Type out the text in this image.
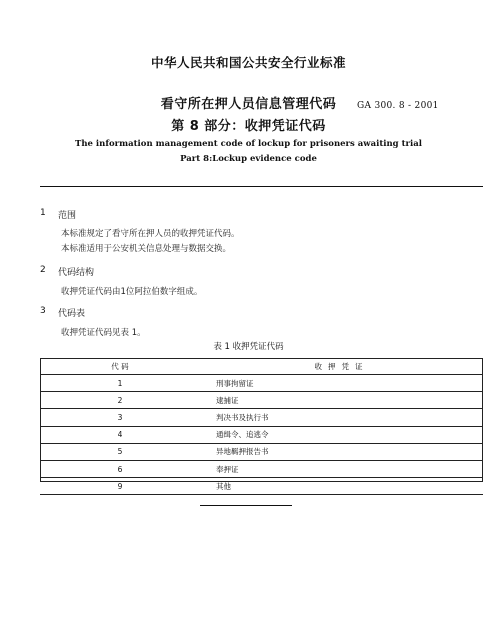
中华人民共和国公共安全行业标准
看守所在押人员信息管理代码
第 8 部分：收押凭证代码
GA 300. 8 - 2001
The information management code of lockup for prisoners awaiting trial
Part 8:Lockup evidence code
1 范围
本标准规定了看守所在押人员的收押凭证代码。
本标准适用于公安机关信息处理与数据交换。
2 代码结构
收押凭证代码由1位阿拉伯数字组成。
3 代码表
收押凭证代码见表 1。
表 1 收押凭证代码
代 码	收押凭证
1	刑事拘留证
2	逮捕证
3	判决书及执行书
4	通缉令、追逃令
5	异地羁押报告书
6	奉押证
9	其他
